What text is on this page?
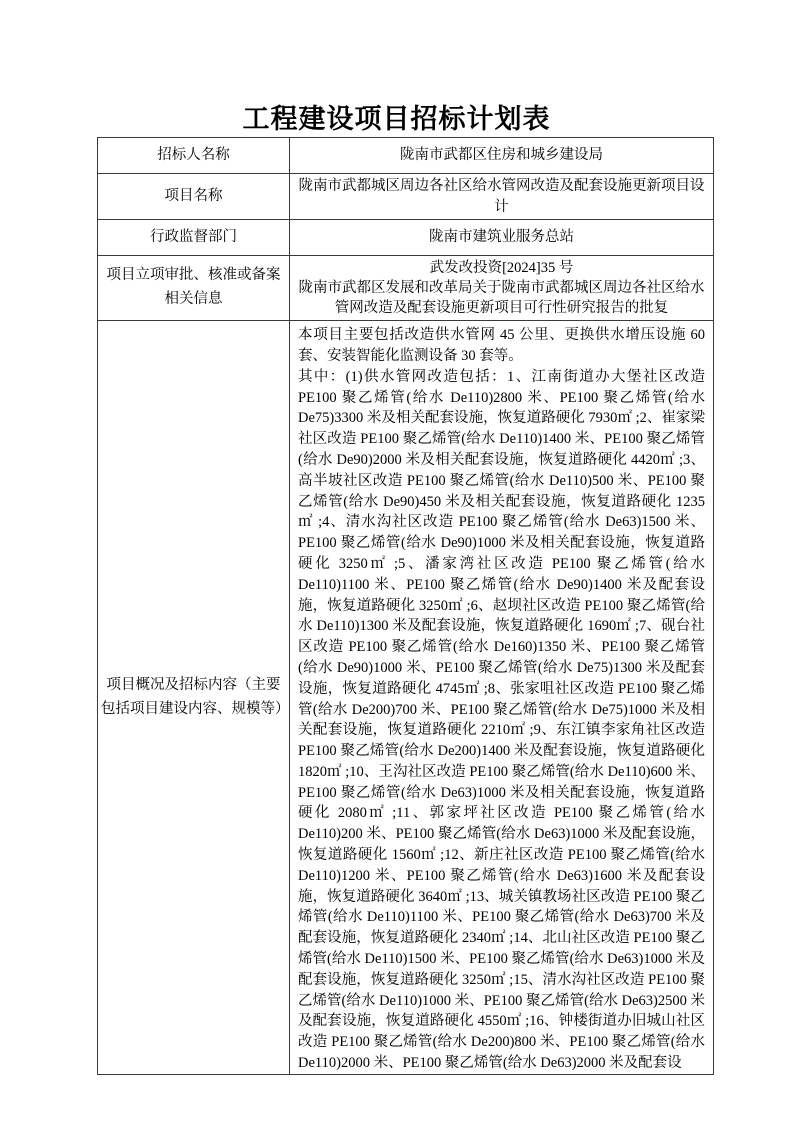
工程建设项目招标计划表
招标人名称	陇南市武都区住房和城乡建设局
项目名称	陇南市武都城区周边各社区给水管网改造及配套设施更新项目设计
行政监督部门	陇南市建筑业服务总站
项目立项审批、核准或备案相关信息	武发改投资[2024]35 号
陇南市武都区发展和改革局关于陇南市武都城区周边各社区给水管网改造及配套设施更新项目可行性研究报告的批复

项目概况及招标内容（主要包括项目建设内容、规模等）	本项目主要包括改造供水管网 45 公里、更换供水增压设施 60 套、安装智能化监测设备 30 套等。
其中：(1)供水管网改造包括：1、江南街道办大堡社区改造 PE100 聚乙烯管(给水 De110)2800 米、PE100 聚乙烯管(给水 De75)3300 米及相关配套设施，恢复道路硬化 7930㎡ ;2、崔家梁社区改造 PE100 聚乙烯管(给水 De110)1400 米、PE100 聚乙烯管(给水 De90)2000 米及相关配套设施，恢复道路硬化 4420㎡ ;3、高半坡社区改造 PE100 聚乙烯管(给水 De110)500 米、PE100 聚乙烯管(给水 De90)450 米及相关配套设施，恢复道路硬化 1235㎡ ;4、清水沟社区改造 PE100 聚乙烯管(给水 De63)1500 米、PE100 聚乙烯管(给水 De90)1000 米及相关配套设施，恢复道路硬化 3250㎡ ;5、潘家湾社区改造 PE100 聚乙烯管(给水 De110)1100 米、PE100 聚乙烯管(给水 De90)1400 米及配套设施，恢复道路硬化 3250㎡ ;6、赵坝社区改造 PE100 聚乙烯管(给水 De110)1300 米及配套设施，恢复道路硬化 1690㎡ ;7、砚台社区改造 PE100 聚乙烯管(给水 De160)1350 米、PE100 聚乙烯管(给水 De90)1000 米、PE100 聚乙烯管(给水 De75)1300 米及配套设施，恢复道路硬化 4745㎡ ;8、张家咀社区改造 PE100 聚乙烯管(给水 De200)700 米、PE100 聚乙烯管(给水 De75)1000 米及相关配套设施，恢复道路硬化 2210㎡ ;9、东江镇李家角社区改造 PE100 聚乙烯管(给水 De200)1400 米及配套设施，恢复道路硬化 1820㎡ ;10、王沟社区改造 PE100 聚乙烯管(给水 De110)600 米、PE100 聚乙烯管(给水 De63)1000 米及相关配套设施，恢复道路硬化 2080㎡ ;11、郭家坪社区改造 PE100 聚乙烯管(给水 De110)200 米、PE100 聚乙烯管(给水 De63)1000 米及配套设施，恢复道路硬化 1560㎡ ;12、新庄社区改造 PE100 聚乙烯管(给水 De110)1200 米、PE100 聚乙烯管(给水 De63)1600 米及配套设施，恢复道路硬化 3640㎡ ;13、城关镇教场社区改造 PE100 聚乙烯管(给水 De110)1100 米、PE100 聚乙烯管(给水 De63)700 米及配套设施，恢复道路硬化 2340㎡ ;14、北山社区改造 PE100 聚乙烯管(给水 De110)1500 米、PE100 聚乙烯管(给水 De63)1000 米及配套设施，恢复道路硬化 3250㎡ ;15、清水沟社区改造 PE100 聚乙烯管(给水 De110)1000 米、PE100 聚乙烯管(给水 De63)2500 米及配套设施，恢复道路硬化 4550㎡ ;16、钟楼街道办旧城山社区改造 PE100 聚乙烯管(给水 De200)800 米、PE100 聚乙烯管(给水 De110)2000 米、PE100 聚乙烯管(给水 De63)2000 米及配套设
